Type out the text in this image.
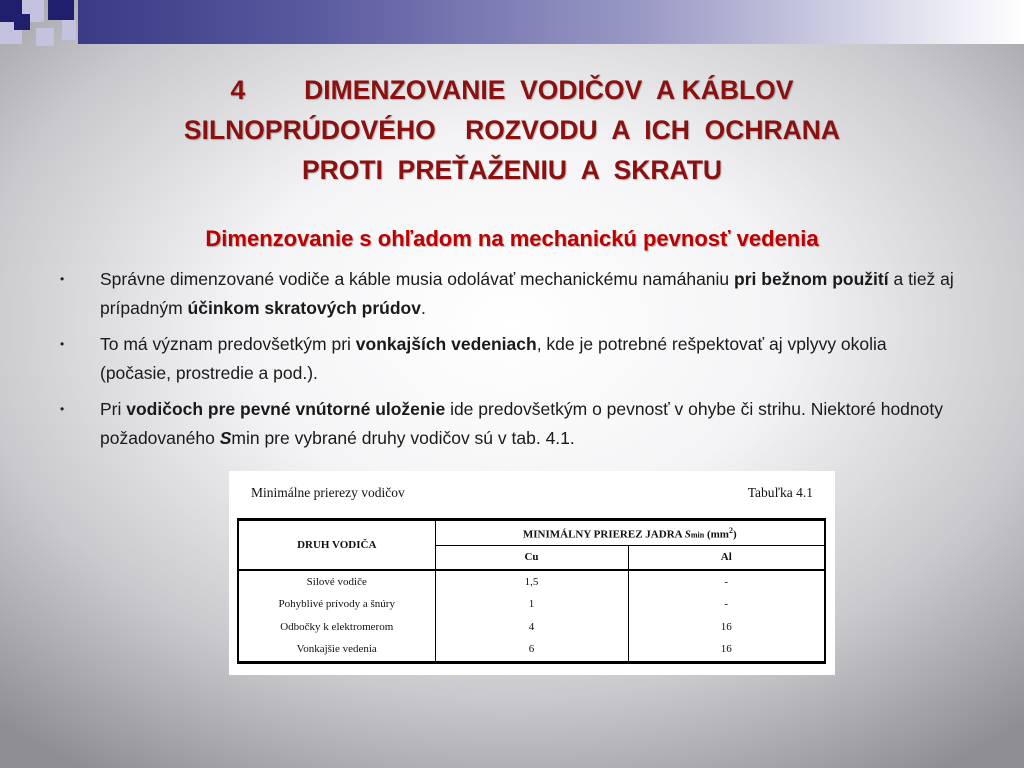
4        DIMENZOVANIE  VODIČOV  A KÁBLOV
SILNOPRÚDOVÉHO    ROZVODU  A  ICH  OCHRANA
PROTI  PREŤAŽENIU  A  SKRATU
Dimenzovanie s ohľadom na mechanickú pevnosť vedenia
• Správne dimenzované vodiče a káble musia odolávať mechanickému namáhaniu pri bežnom použití a tiež aj prípadným účinkom skratových prúdov.
• To má význam predovšetkým pri vonkajších vedeniach, kde je potrebné rešpektovať aj vplyvy okolia (počasie, prostredie a pod.).
• Pri vodičoch pre pevné vnútorné uloženie ide predovšetkým o pevnosť v ohybe či strihu. Niektoré hodnoty požadovaného Smin pre vybrané druhy vodičov sú v tab. 4.1.
Minimálne prierezy vodičov	Tabuľka 4.1
DRUH VODIČA	MINIMÁLNY PRIEREZ JADRA Smin $(mm^2)$	
	Cu	Al
Silové vodiče	1,5	-
Pohyblivé prívody a šnúry	1	-
Odbočky k elektromerom	4	16
Vonkajšie vedenia	6	16
